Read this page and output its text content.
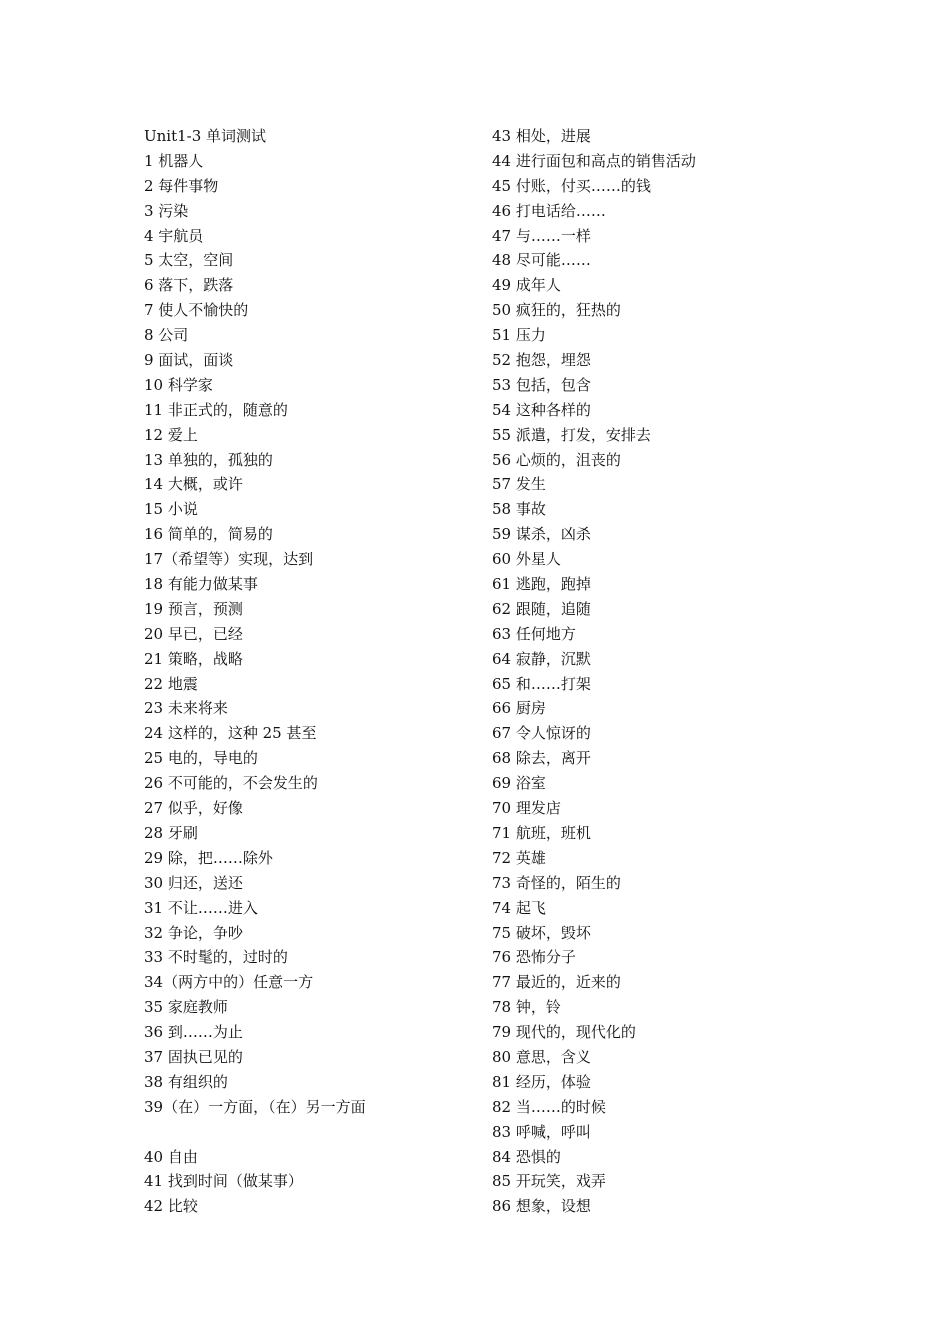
Unit1-3 单词测试
1 机器人
2 每件事物
3 污染
4 宇航员
5 太空，空间
6 落下，跌落
7 使人不愉快的
8 公司
9 面试，面谈
10 科学家
11 非正式的，随意的
12 爱上
13 单独的，孤独的
14 大概，或许
15 小说
16 简单的，简易的
17（希望等）实现，达到
18 有能力做某事
19 预言，预测
20 早已，已经
21 策略，战略
22 地震
23 未来将来
24 这样的，这种 25 甚至
25 电的，导电的
26 不可能的，不会发生的
27 似乎，好像
28 牙刷
29 除，把……除外
30 归还，送还
31 不让……进入
32 争论，争吵
33 不时髦的，过时的
34（两方中的）任意一方
35 家庭教师
36 到……为止
37 固执已见的
38 有组织的
39（在）一方面，（在）另一方面
40 自由
41 找到时间（做某事）
42 比较
43 相处，进展
44 进行面包和高点的销售活动
45 付账，付买……的钱
46 打电话给……
47 与……一样
48 尽可能……
49 成年人
50 疯狂的，狂热的
51 压力
52 抱怨，埋怨
53 包括，包含
54 这种各样的
55 派遣，打发，安排去
56 心烦的，沮丧的
57 发生
58 事故
59 谋杀，凶杀
60 外星人
61 逃跑，跑掉
62 跟随，追随
63 任何地方
64 寂静，沉默
65 和……打架
66 厨房
67 令人惊讶的
68 除去，离开
69 浴室
70 理发店
71 航班，班机
72 英雄
73 奇怪的，陌生的
74 起飞
75 破坏，毁坏
76 恐怖分子
77 最近的，近来的
78 钟，铃
79 现代的，现代化的
80 意思，含义
81 经历，体验
82 当……的时候
83 呼喊，呼叫
84 恐惧的
85 开玩笑，戏弄
86 想象，设想
